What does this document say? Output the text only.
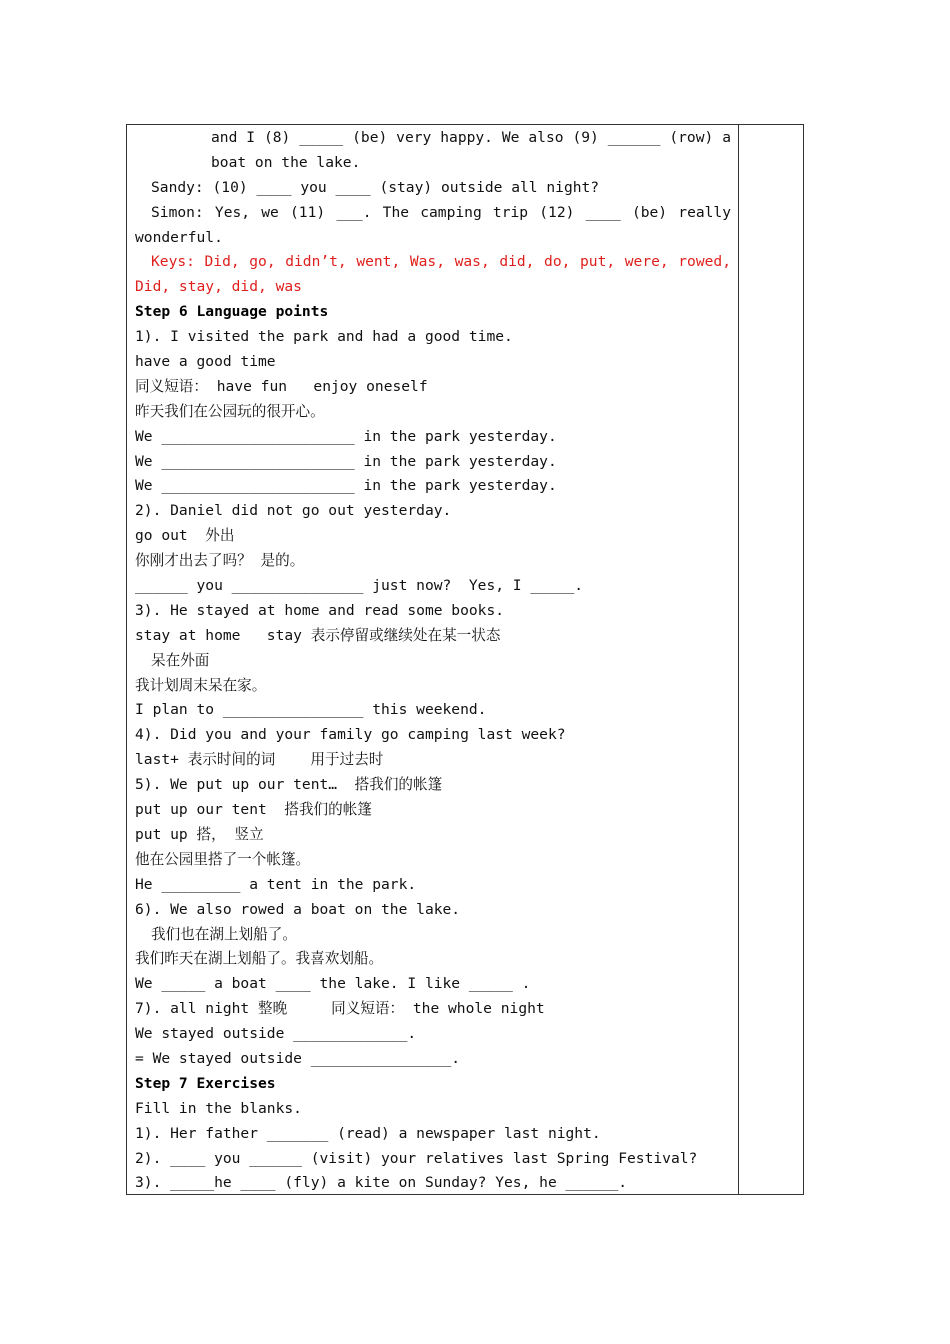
and I (8) _____ (be) very happy. We also (9) ______ (row) a
boat on the lake.
Sandy: (10) ____ you ____ (stay) outside all night?
Simon: Yes, we (11) ___. The camping trip (12) ____ (be) really
wonderful.
Keys: Did, go, didn’t, went, Was, was, did, do, put, were, rowed,
Did, stay, did, was
Step 6 Language points
1). I visited the park and had a good time.
have a good time
同义短语： have fun   enjoy oneself
昨天我们在公园玩的很开心。
We ______________________ in the park yesterday.
We ______________________ in the park yesterday.
We ______________________ in the park yesterday.
2). Daniel did not go out yesterday.
go out  外出
你刚才出去了吗？ 是的。
______ you _______________ just now?  Yes, I _____.
3). He stayed at home and read some books.
stay at home   stay 表示停留或继续处在某一状态
呆在外面
我计划周末呆在家。
I plan to ________________ this weekend.
4). Did you and your family go camping last week?
last+ 表示时间的词    用于过去时
5). We put up our tent…  搭我们的帐篷
put up our tent  搭我们的帐篷
put up 搭， 竖立
他在公园里搭了一个帐篷。
He _________ a tent in the park.
6). We also rowed a boat on the lake.
我们也在湖上划船了。
我们昨天在湖上划船了。我喜欢划船。
We _____ a boat ____ the lake. I like _____ .
7). all night 整晚     同义短语： the whole night
We stayed outside _____________.
= We stayed outside ________________.
Step 7 Exercises
Fill in the blanks.
1). Her father _______ (read) a newspaper last night.
2). ____ you ______ (visit) your relatives last Spring Festival?
3). _____he ____ (fly) a kite on Sunday? Yes, he ______.
